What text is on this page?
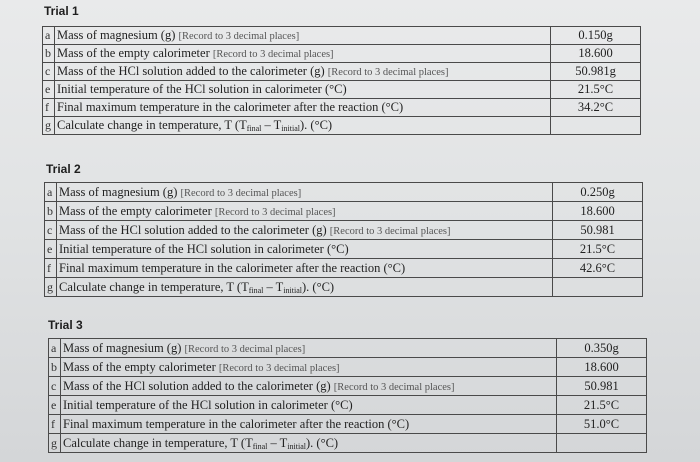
Trial 1
a	Mass of magnesium (g) [Record to 3 decimal places]	0.150g
b	Mass of the empty calorimeter [Record to 3 decimal places]	18.600
c	Mass of the HCl solution added to the calorimeter (g) [Record to 3 decimal places]	50.981g
e	Initial temperature of the HCl solution in calorimeter (°C)	21.5°C
f	Final maximum temperature in the calorimeter after the reaction (°C)	34.2°C
g	Calculate change in temperature, T (Tfinal – Tinitial). (°C)	
Trial 2
a	Mass of magnesium (g) [Record to 3 decimal places]	0.250g
b	Mass of the empty calorimeter [Record to 3 decimal places]	18.600
c	Mass of the HCl solution added to the calorimeter (g) [Record to 3 decimal places]	50.981
e	Initial temperature of the HCl solution in calorimeter (°C)	21.5°C
f	Final maximum temperature in the calorimeter after the reaction (°C)	42.6°C
g	Calculate change in temperature, T (Tfinal – Tinitial). (°C)	
Trial 3
a	Mass of magnesium (g) [Record to 3 decimal places]	0.350g
b	Mass of the empty calorimeter [Record to 3 decimal places]	18.600
c	Mass of the HCl solution added to the calorimeter (g) [Record to 3 decimal places]	50.981
e	Initial temperature of the HCl solution in calorimeter (°C)	21.5°C
f	Final maximum temperature in the calorimeter after the reaction (°C)	51.0°C
g	Calculate change in temperature, T (Tfinal – Tinitial). (°C)	
